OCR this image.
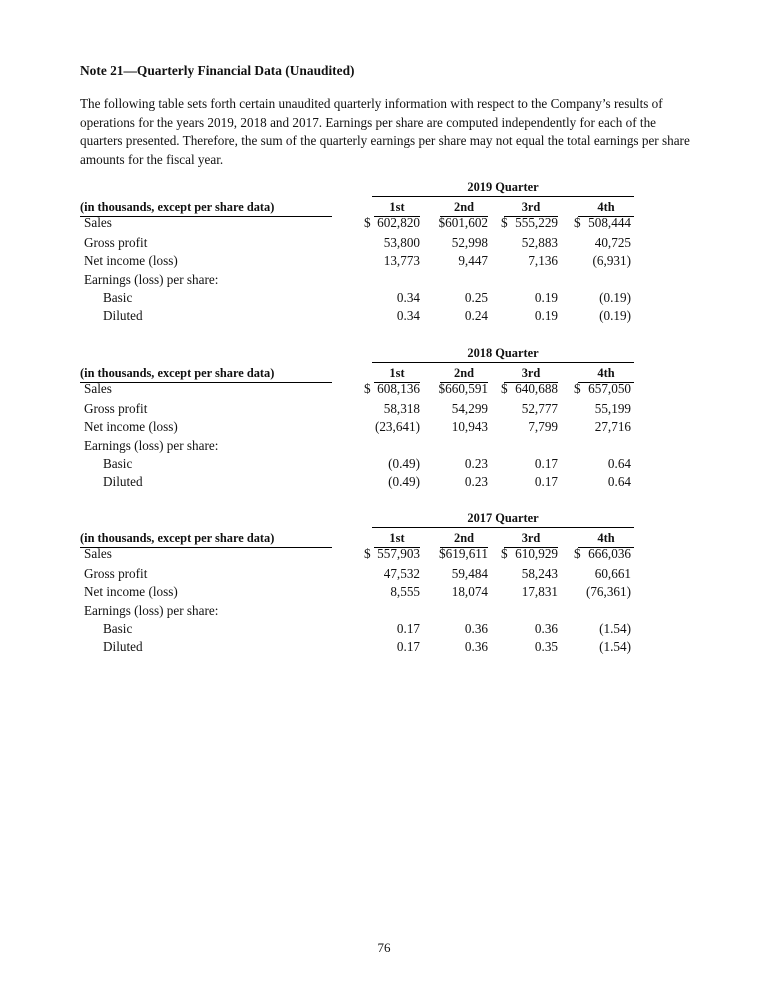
Note 21—Quarterly Financial Data (Unaudited)
The following table sets forth certain unaudited quarterly information with respect to the Company’s results of
operations for the years 2019, 2018 and 2017. Earnings per share are computed independently for each of the
quarters presented. Therefore, the sum of the quarterly earnings per share may not equal the total earnings per share
amounts for the fiscal year.
2019 Quarter
(in thousands, except per share data)	1st	2nd	3rd	4th
Sales	$ 602,820 $601,602 $ 555,229 $ 508,444
Gross profit	53,800 52,998	52,883	40,725
Net income (loss)	13,773	9,447	7,136	(6,931)
Earnings (loss) per share:
Basic	0.34	0.25	0.19	(0.19)
Diluted	0.34	0.24	0.19	(0.19)
2018 Quarter
(in thousands, except per share data)	1st	2nd	3rd	4th
Sales	$ 608,136 $660,591 $ 640,688 $ 657,050
Gross profit	58,318 54,299	52,777	55,199
Net income (loss)	(23,641) 10,943	7,799	27,716
Earnings (loss) per share:
Basic	(0.49)	0.23	0.17	0.64
Diluted	(0.49)	0.23	0.17	0.64
2017 Quarter
(in thousands, except per share data)	1st	2nd	3rd	4th
Sales	$ 557,903 $619,611 $ 610,929 $ 666,036
Gross profit	47,532 59,484	58,243	60,661
Net income (loss)	8,555 18,074	17,831 (76,361)
Earnings (loss) per share:
Basic	0.17	0.36	0.36	(1.54)
Diluted	0.17	0.36	0.35	(1.54)
76
